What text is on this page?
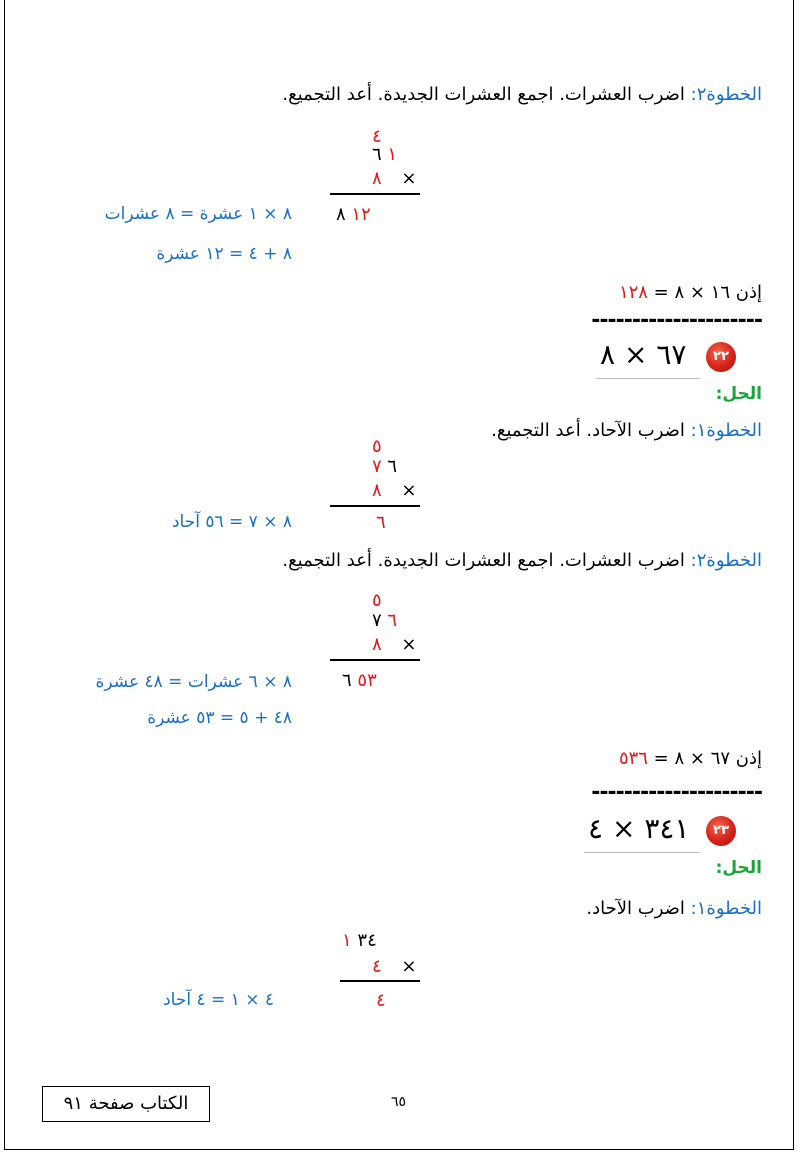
الخطوة٢: اضرب العشرات. اجمع العشرات الجديدة. أعد التجميع.
٤
١ ٦
٨ ×
١٢ ٨
٨ × ١ عشرة = ٨ عشرات
٨ + ٤ = ١٢ عشرة
إذن ١٦ × ٨ = ١٢٨
---------------------
٢٢
٦٧ × ٨
الحل:
الخطوة١: اضرب الآحاد. أعد التجميع.
٥
٦ ٧
٨ ×
٦
٨ × ٧ = ٥٦ آحاد
الخطوة٢: اضرب العشرات. اجمع العشرات الجديدة. أعد التجميع.
٥
٦ ٧
٨ ×
٥٣ ٦
٨ × ٦ عشرات = ٤٨ عشرة
٤٨ + ٥ = ٥٣ عشرة
إذن ٦٧ × ٨ = ٥٣٦
---------------------
٢٣
٣٤١ × ٤
الحل:
الخطوة١: اضرب الآحاد.
٣٤ ١
٤ ×
٤
٤ × ١ = ٤ آحاد
الكتاب صفحة ٩١	٦٥
